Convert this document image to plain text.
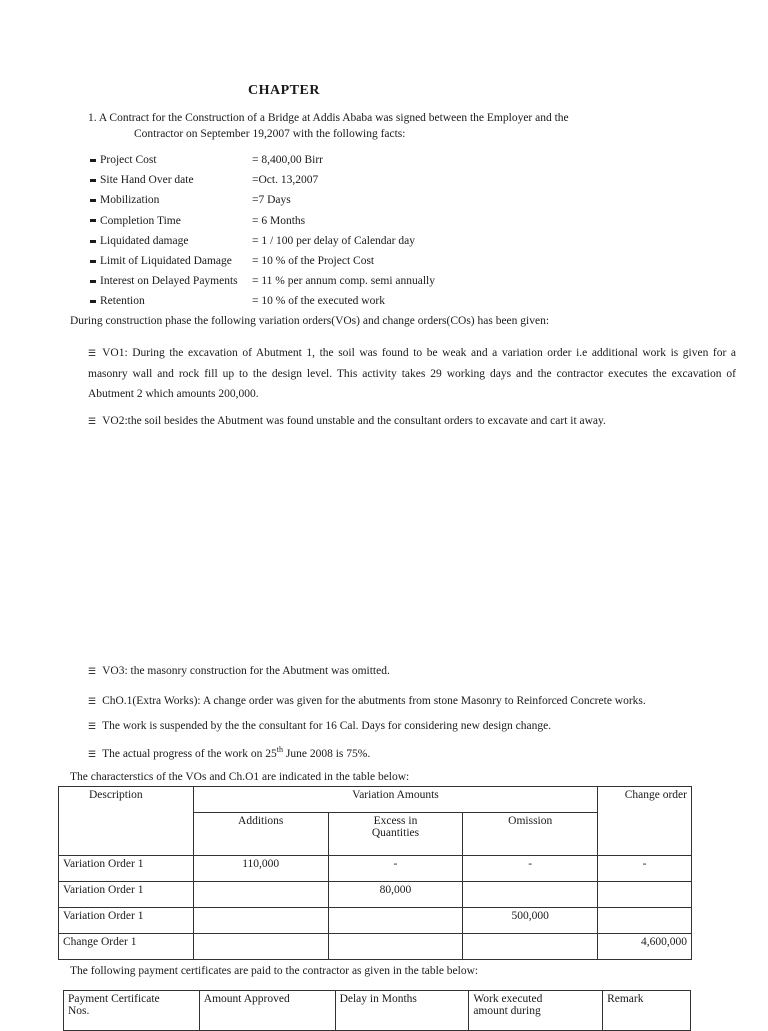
CHAPTER
1. A Contract for the Construction of a Bridge at Addis Ababa was signed between the Employer and the
Contractor on September 19,2007 with the following facts:
Project Cost	= 8,400,00 Birr
Site Hand Over date	=Oct. 13,2007
Mobilization	=7 Days
Completion Time	= 6 Months
Liquidated damage	= 1 / 100 per delay of Calendar day
Limit of Liquidated Damage = 10 % of the Project Cost
Interest on Delayed Payments = 11 % per annum comp. semi annually
Retention	= 10 % of the executed work
During construction phase the following variation orders(VOs) and change orders(COs) has been given:
☰ VO1: During the excavation of Abutment 1, the soil was found to be weak and a variation order i.e additional work is given for a masonry wall and rock fill up to the design level. This activity takes 29 working days and the contractor executes the excavation of Abutment 2 which amounts 200,000.
☰ VO2:the soil besides the Abutment was found unstable and the consultant orders to excavate and cart it away.
☰ VO3: the masonry construction for the Abutment was omitted.
☰ ChO.1(Extra Works): A change order was given for the abutments from stone Masonry to Reinforced Concrete works.
☰ The work is suspended by the the consultant for 16 Cal. Days for considering new design change.
☰ The actual progress of the work on 25th June 2008 is 75%.
The characterstics of the VOs and Ch.O1 are indicated in the table below:
Description	Variation Amounts			Change order
	Additions	Excess in
Quantities	Omission	
Variation Order 1	110,000	-	-	-
Variation Order 1		80,000		
Variation Order 1			500,000	
Change Order 1				4,600,000
The following payment certificates are paid to the contractor as given in the table below:
Payment Certificate
Nos.	Amount Approved	Delay in Months	Work executed
amount during	Remark
